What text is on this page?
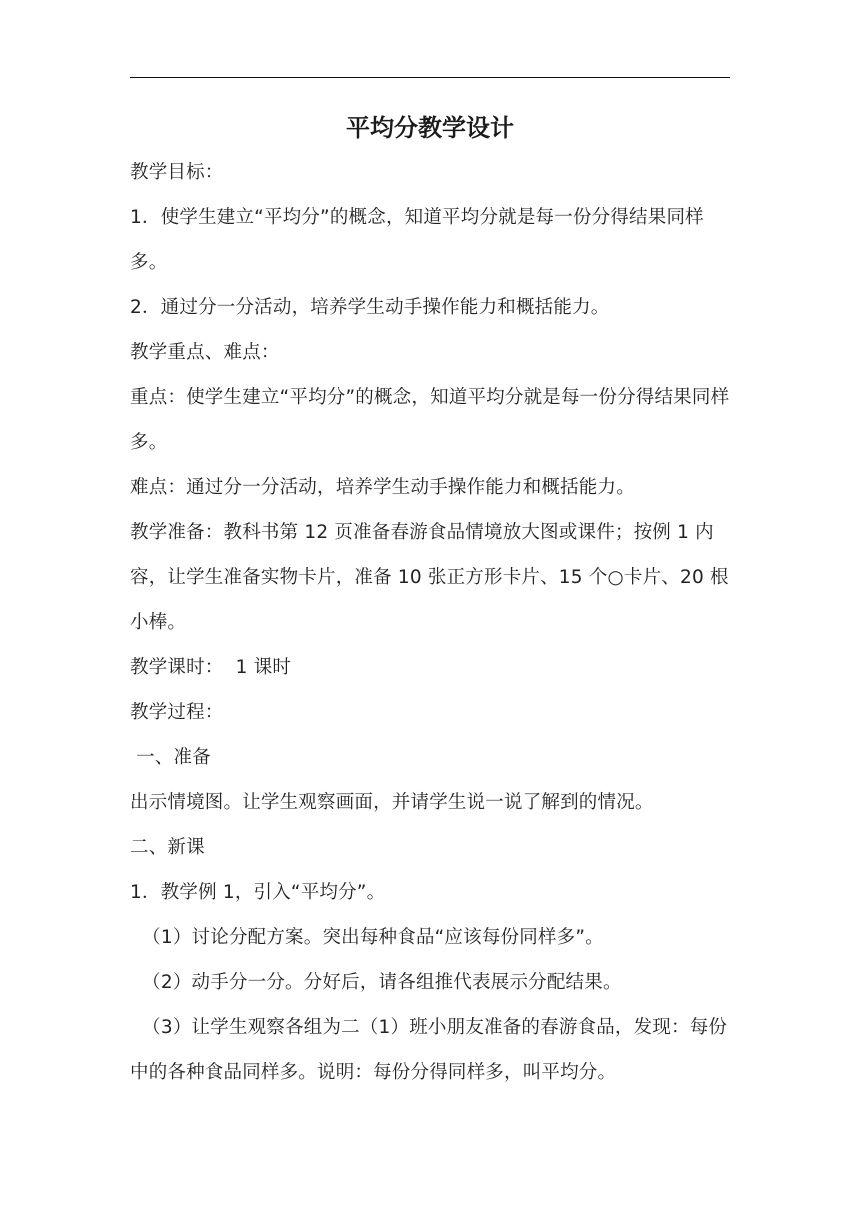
平均分教学设计

教学目标：

1．使学生建立“平均分”的概念，知道平均分就是每一份分得结果同样多。

2．通过分一分活动，培养学生动手操作能力和概括能力。

教学重点、难点：

重点：使学生建立“平均分”的概念，知道平均分就是每一份分得结果同样多。

难点：通过分一分活动，培养学生动手操作能力和概括能力。

教学准备：教科书第 12 页准备春游食品情境放大图或课件；按例 1 内容，让学生准备实物卡片，准备 10 张正方形卡片、15 个○卡片、20 根小棒。

教学课时：  1 课时

教学过程：

一、准备

出示情境图。让学生观察画面，并请学生说一说了解到的情况。

二、新课

1．教学例 1，引入“平均分”。

（1）讨论分配方案。突出每种食品“应该每份同样多”。

（2）动手分一分。分好后，请各组推代表展示分配结果。

（3）让学生观察各组为二（1）班小朋友准备的春游食品，发现：每份中的各种食品同样多。说明：每份分得同样多，叫平均分。
